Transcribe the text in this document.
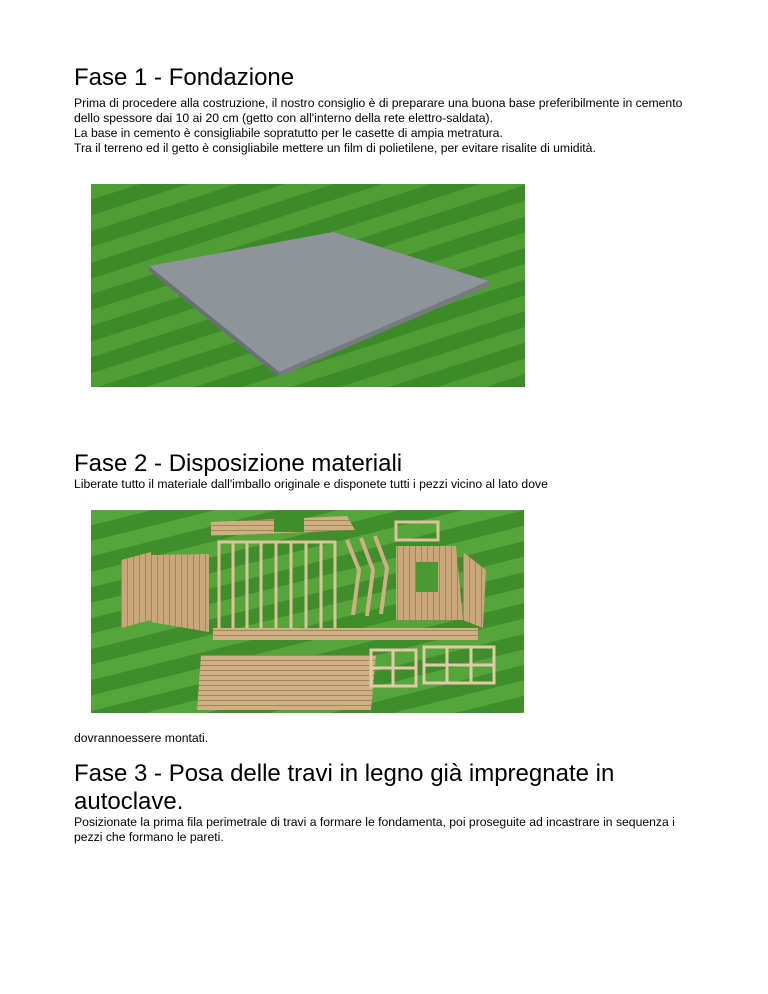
Fase 1 - Fondazione
Prima di procedere alla costruzione, il nostro consiglio è di preparare una buona base preferibilmente in cemento dello spessore dai 10 ai 20 cm (getto con all'interno della rete elettro-saldata).
La base in cemento è consigliabile sopratutto per le casette di ampia metratura.
Tra il terreno ed il getto è consigliabile mettere un film di polietilene, per evitare risalite di umidità.
Fase 2 - Disposizione materiali
Liberate tutto il materiale dall'imballo originale e disponete tutti i pezzi vicino al lato dove
dovrannoessere montati.
Fase 3 - Posa delle travi in legno già impregnate in autoclave.
Posizionate la prima fila perimetrale di travi a formare le fondamenta, poi proseguite ad incastrare in sequenza i pezzi che formano le pareti.
